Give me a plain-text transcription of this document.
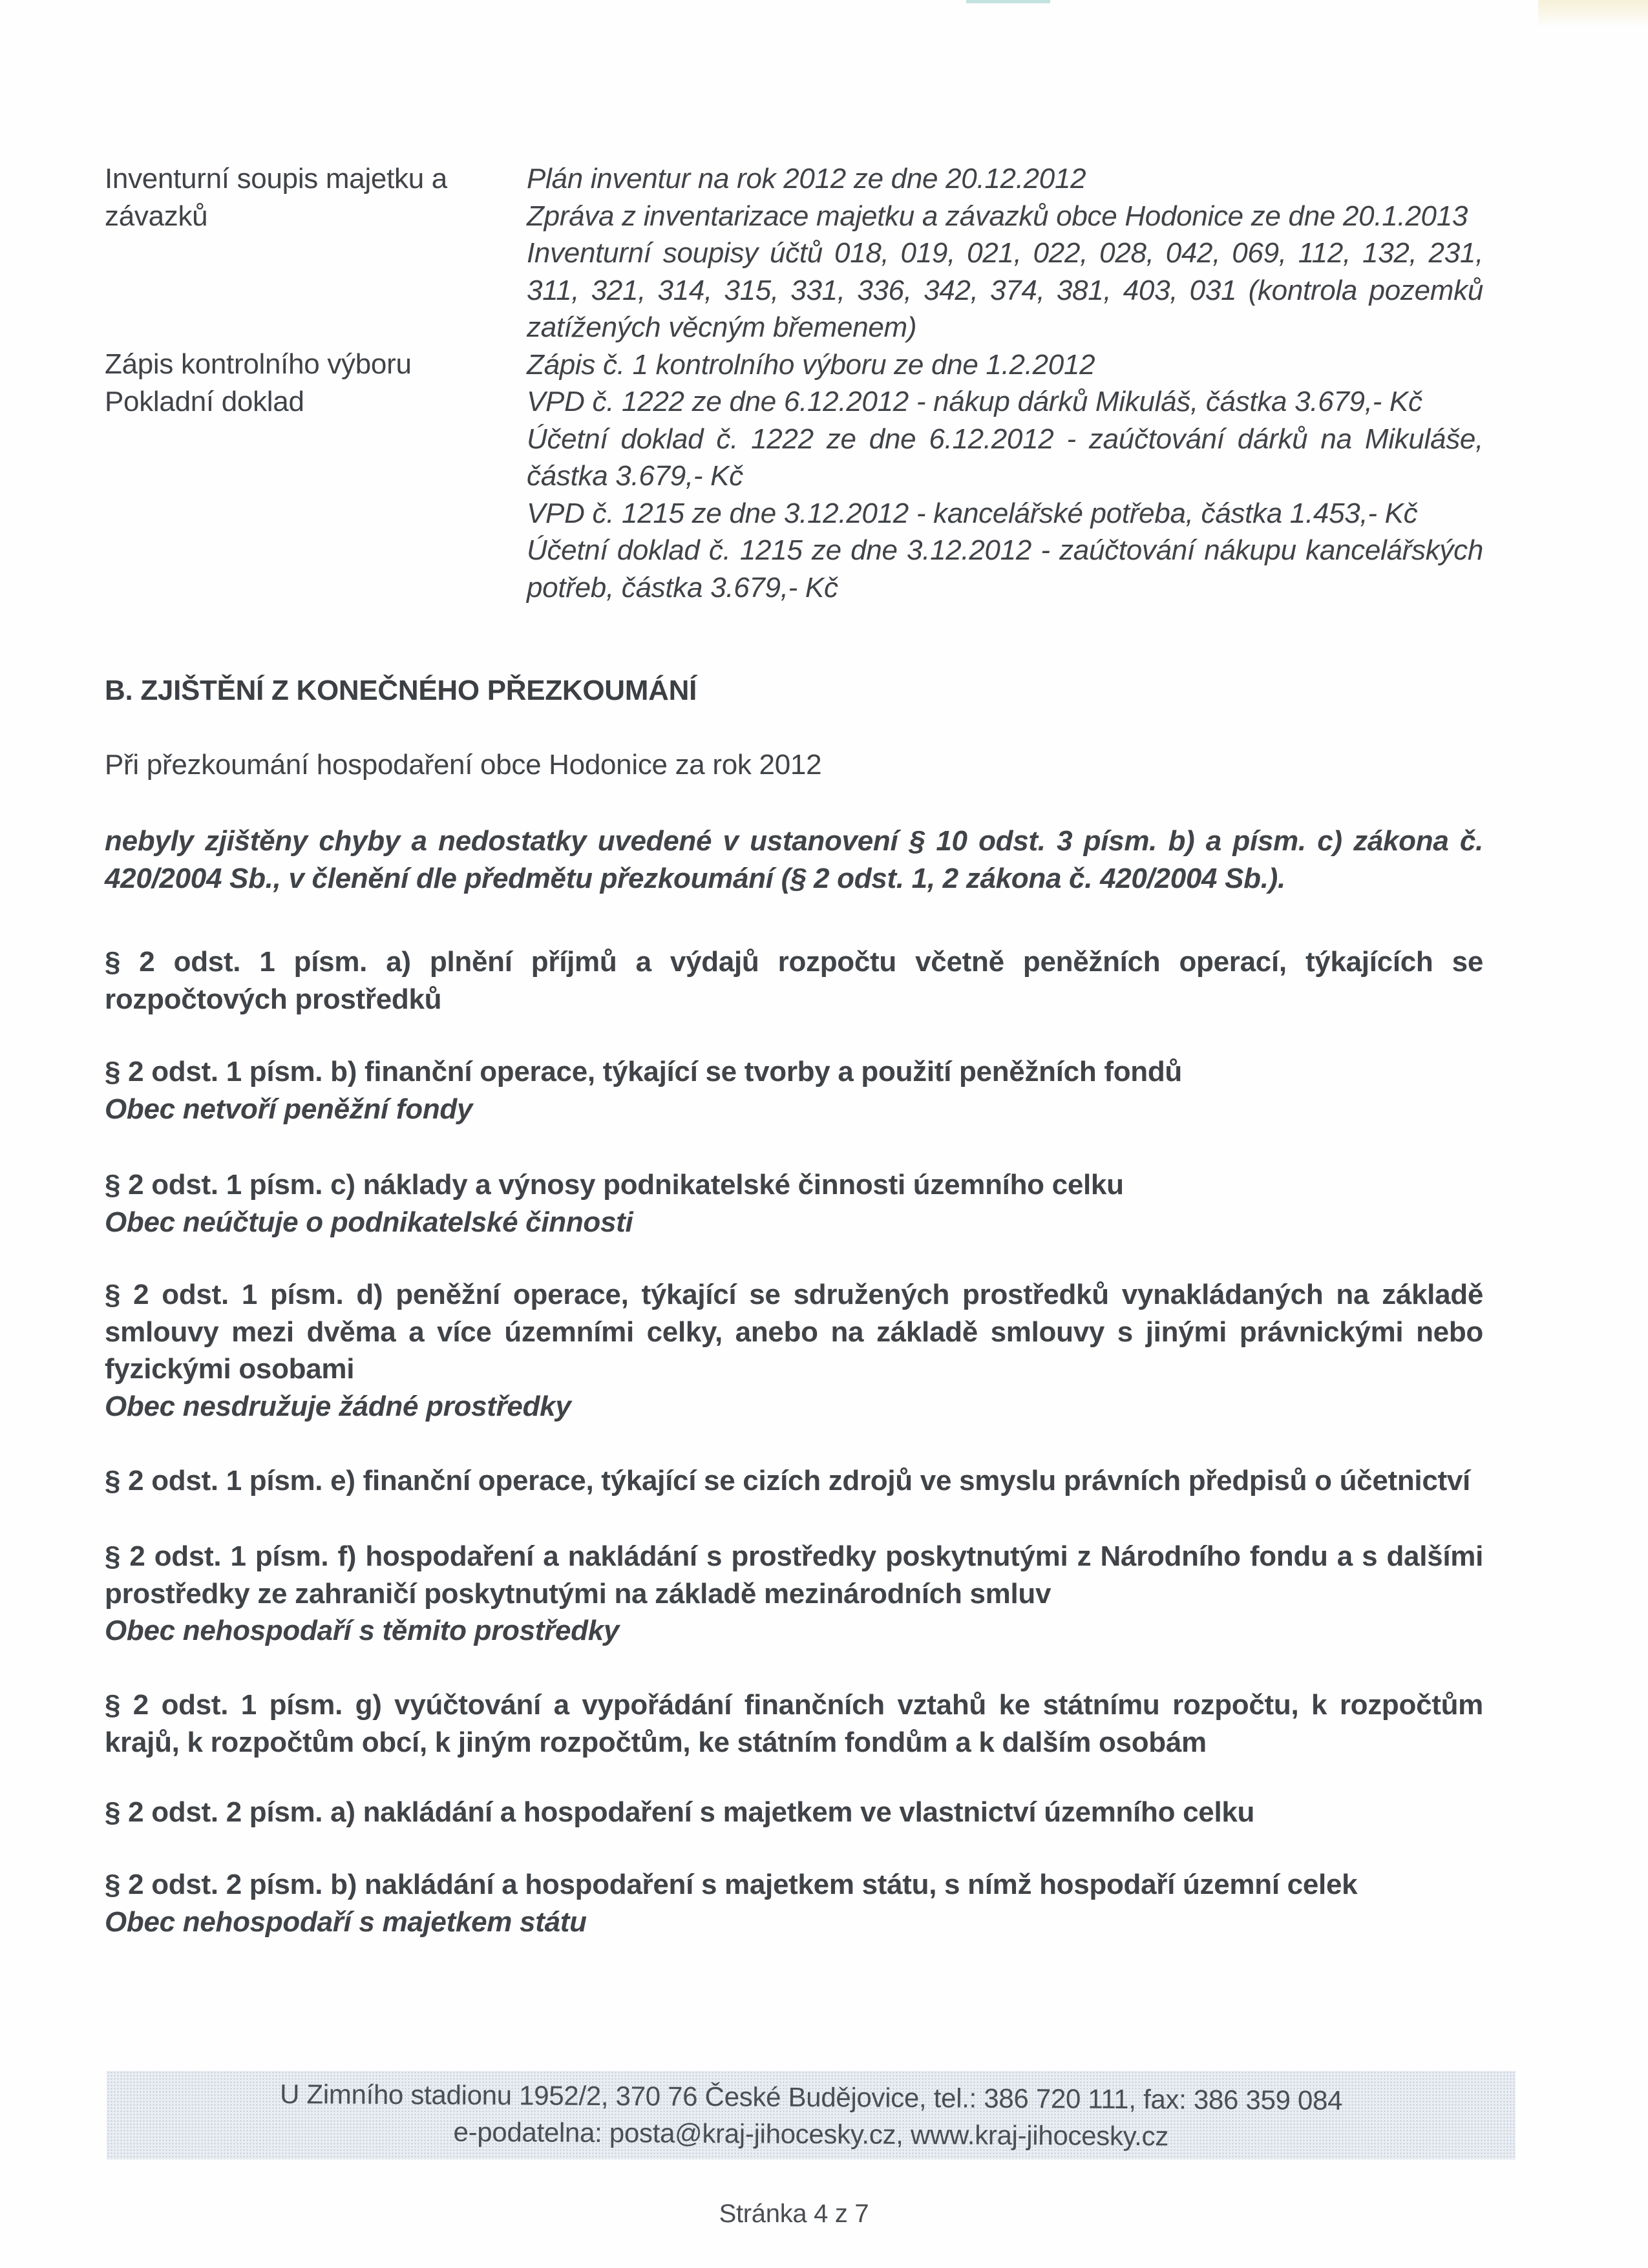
Inventurní soupis majetku a závazků
Zápis kontrolního výboru
Pokladní doklad

Plán inventur na rok 2012 ze dne 20.12.2012

Zpráva z inventarizace majetku a závazků obce Hodonice ze dne 20.1.2013

Inventurní soupisy účtů 018, 019, 021, 022, 028, 042, 069, 112, 132, 231, 311, 321, 314, 315, 331, 336, 342, 374, 381, 403, 031 (kontrola pozemků zatížených věcným břemenem)

Zápis č. 1 kontrolního výboru ze dne 1.2.2012

VPD č. 1222 ze dne 6.12.2012 - nákup dárků Mikuláš, částka 3.679,- Kč

Účetní doklad č. 1222 ze dne 6.12.2012 - zaúčtování dárků na Mikuláše, částka 3.679,- Kč

VPD č. 1215 ze dne 3.12.2012 - kancelářské potřeba, částka 1.453,- Kč

Účetní doklad č. 1215 ze dne 3.12.2012 - zaúčtování nákupu kancelářských potřeb, částka 3.679,- Kč

B. ZJIŠTĚNÍ Z KONEČNÉHO PŘEZKOUMÁNÍ

Při přezkoumání hospodaření obce Hodonice za rok 2012

nebyly zjištěny chyby a nedostatky uvedené v ustanovení § 10 odst. 3 písm. b) a písm. c) zákona č. 420/2004 Sb., v členění dle předmětu přezkoumání (§ 2 odst. 1, 2 zákona č. 420/2004 Sb.).

§ 2 odst. 1 písm. a) plnění příjmů a výdajů rozpočtu včetně peněžních operací, týkajících se rozpočtových prostředků

§ 2 odst. 1 písm. b) finanční operace, týkající se tvorby a použití peněžních fondů

Obec netvoří peněžní fondy

§ 2 odst. 1 písm. c) náklady a výnosy podnikatelské činnosti územního celku

Obec neúčtuje o podnikatelské činnosti

§ 2 odst. 1 písm. d) peněžní operace, týkající se sdružených prostředků vynakládaných na základě smlouvy mezi dvěma a více územními celky, anebo na základě smlouvy s jinými právnickými nebo fyzickými osobami

Obec nesdružuje žádné prostředky

§ 2 odst. 1 písm. e) finanční operace, týkající se cizích zdrojů ve smyslu právních předpisů o účetnictví

§ 2 odst. 1 písm. f) hospodaření a nakládání s prostředky poskytnutými z Národního fondu a s dalšími prostředky ze zahraničí poskytnutými na základě mezinárodních smluv

Obec nehospodaří s těmito prostředky

§ 2 odst. 1 písm. g) vyúčtování a vypořádání finančních vztahů ke státnímu rozpočtu, k rozpočtům krajů, k rozpočtům obcí, k jiným rozpočtům, ke státním fondům a k dalším osobám

§ 2 odst. 2 písm. a) nakládání a hospodaření s majetkem ve vlastnictví územního celku

§ 2 odst. 2 písm. b) nakládání a hospodaření s majetkem státu, s nímž hospodaří územní celek

Obec nehospodaří s majetkem státu

U Zimního stadionu 1952/2, 370 76 České Budějovice, tel.: 386 720 111, fax: 386 359 084

e-podatelna: posta@kraj-jihocesky.cz, www.kraj-jihocesky.cz

Stránka 4 z 7
